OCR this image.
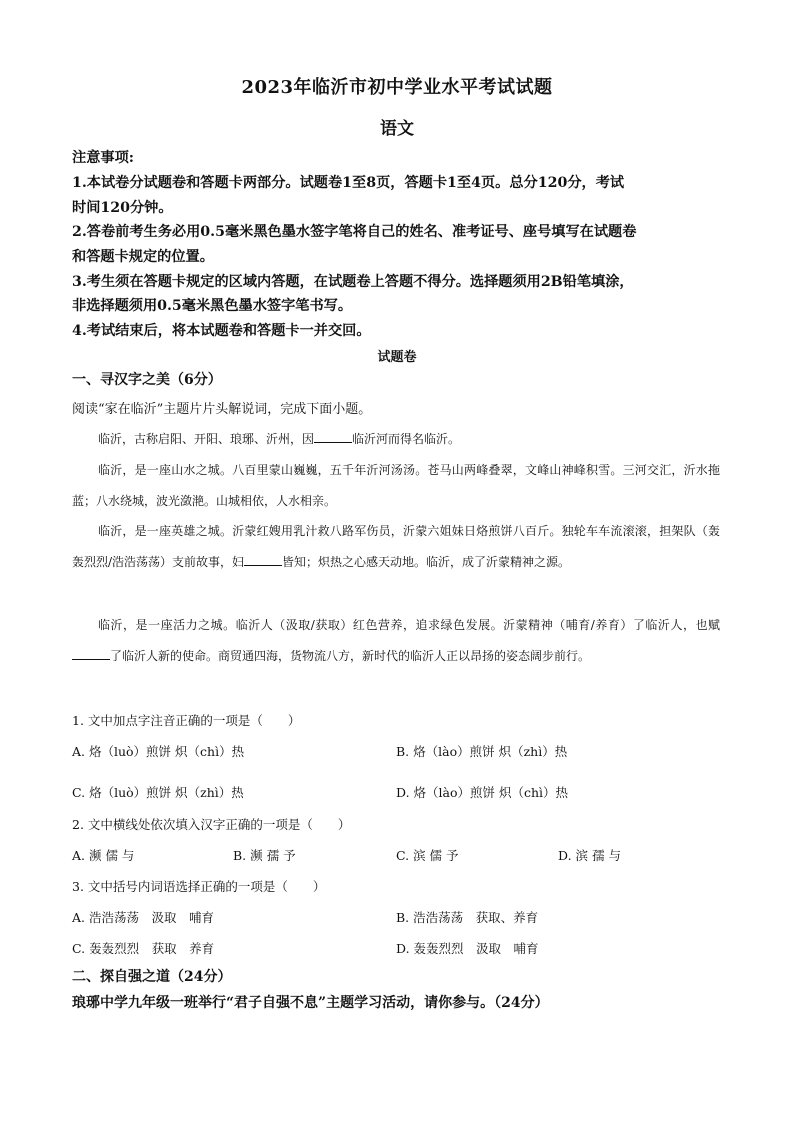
2023年临沂市初中学业水平考试试题
语文
注意事项:
1.本试卷分试题卷和答题卡两部分。试题卷1至8页，答题卡1至4页。总分120分，考试
时间120分钟。
2.答卷前考生务必用0.5毫米黑色墨水签字笔将自己的姓名、准考证号、座号填写在试题卷
和答题卡规定的位置。
3.考生须在答题卡规定的区域内答题，在试题卷上答题不得分。选择题须用2B铅笔填涂，
非选择题须用0.5毫米黑色墨水签字笔书写。
4.考试结束后，将本试题卷和答题卡一并交回。
试题卷
一、寻汉字之美（6分）
阅读“家在临沂”主题片片头解说词，完成下面小题。
临沂，古称启阳、开阳、琅琊、沂州，因	临沂河而得名临沂。
临沂，是一座山水之城。八百里蒙山巍巍，五千年沂河汤汤。苍马山两峰叠翠，文峰山神峰积雪。三河交汇，沂水拖蓝；八水绕城，波光潋滟。山城相依，人水相亲。
临沂，是一座英雄之城。沂蒙红嫂用乳汁救八路军伤员，沂蒙六姐妹日烙煎饼八百斤。独轮车车流滚滚，担架队（轰轰烈烈/浩浩荡荡）支前故事，妇	皆知；炽热之心感天动地。临沂，成了沂蒙精神之源。
临沂，是一座活力之城。临沂人（汲取/获取）红色营养，追求绿色发展。沂蒙精神（哺育/养育）了临沂人，也赋了临沂人新的使命。商贸通四海，货物流八方，新时代的临沂人正以昂扬的姿态阔步前行。
1. 文中加点字注音正确的一项是（　　）
A. 烙（luò）煎饼 炽（chì）热	B. 烙（lào）煎饼 炽（zhì）热
C. 烙（luò）煎饼 炽（zhì）热	D. 烙（lào）煎饼 炽（chì）热
2. 文中横线处依次填入汉字正确的一项是（　　）
A. 濒 儒 与	B. 濒 孺 予	C. 滨 儒 予	D. 滨 孺 与
3. 文中括号内词语选择正确的一项是（　　）
A. 浩浩荡荡　汲取　哺育	B. 浩浩荡荡　获取、养育
C. 轰轰烈烈　获取　养育	D. 轰轰烈烈　汲取　哺育
二、探自强之道（24分）
琅琊中学九年级一班举行“君子自强不息”主题学习活动，请你参与。（24分）
